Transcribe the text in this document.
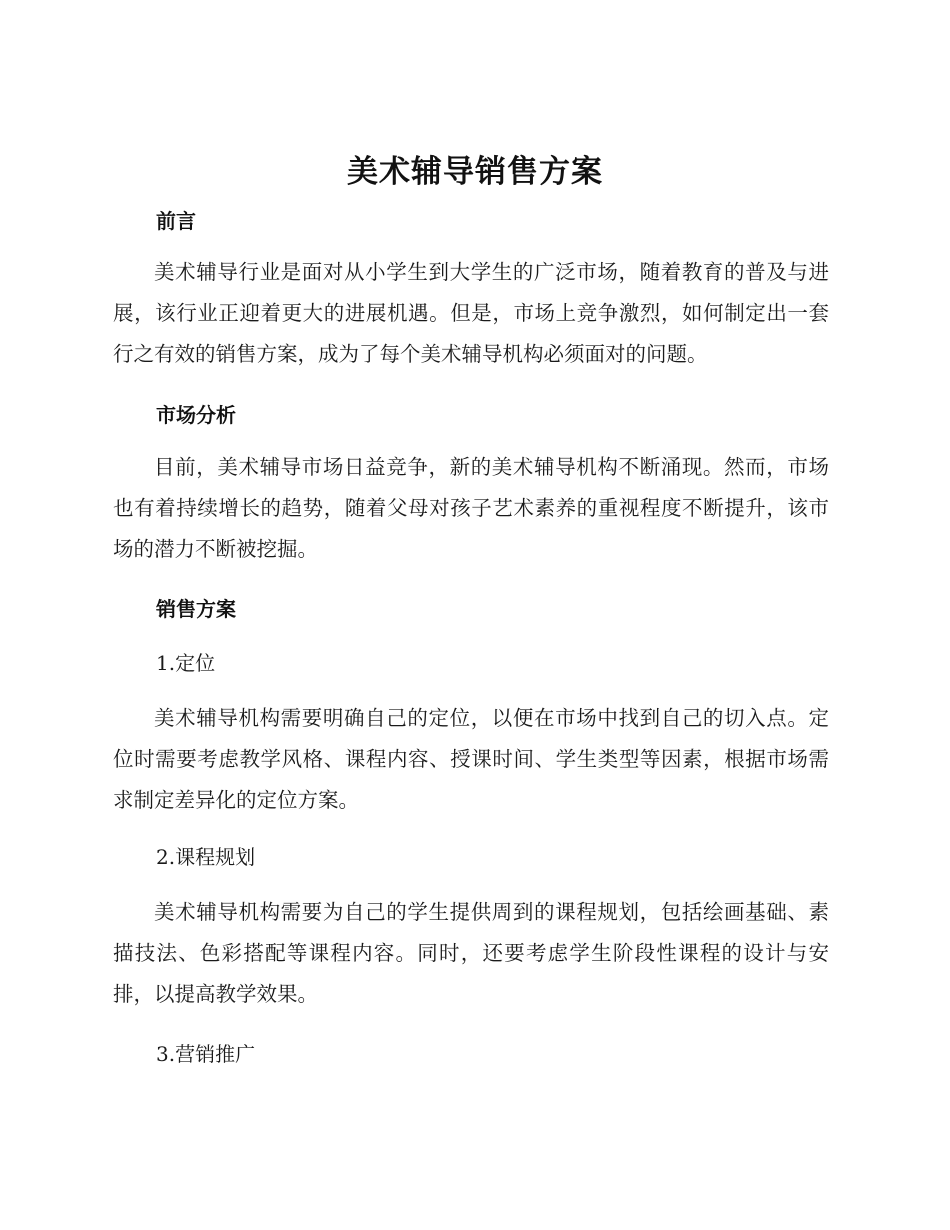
美术辅导销售方案
前言

美术辅导行业是面对从小学生到大学生的广泛市场，随着教育的普及与进展，该行业正迎着更大的进展机遇。但是，市场上竞争激烈，如何制定出一套行之有效的销售方案，成为了每个美术辅导机构必须面对的问题。

市场分析

目前，美术辅导市场日益竞争，新的美术辅导机构不断涌现。然而，市场也有着持续增长的趋势，随着父母对孩子艺术素养的重视程度不断提升，该市场的潜力不断被挖掘。

销售方案
1.定位

美术辅导机构需要明确自己的定位，以便在市场中找到自己的切入点。定位时需要考虑教学风格、课程内容、授课时间、学生类型等因素，根据市场需求制定差异化的定位方案。

2.课程规划

美术辅导机构需要为自己的学生提供周到的课程规划，包括绘画基础、素描技法、色彩搭配等课程内容。同时，还要考虑学生阶段性课程的设计与安排，以提高教学效果。

3.营销推广
